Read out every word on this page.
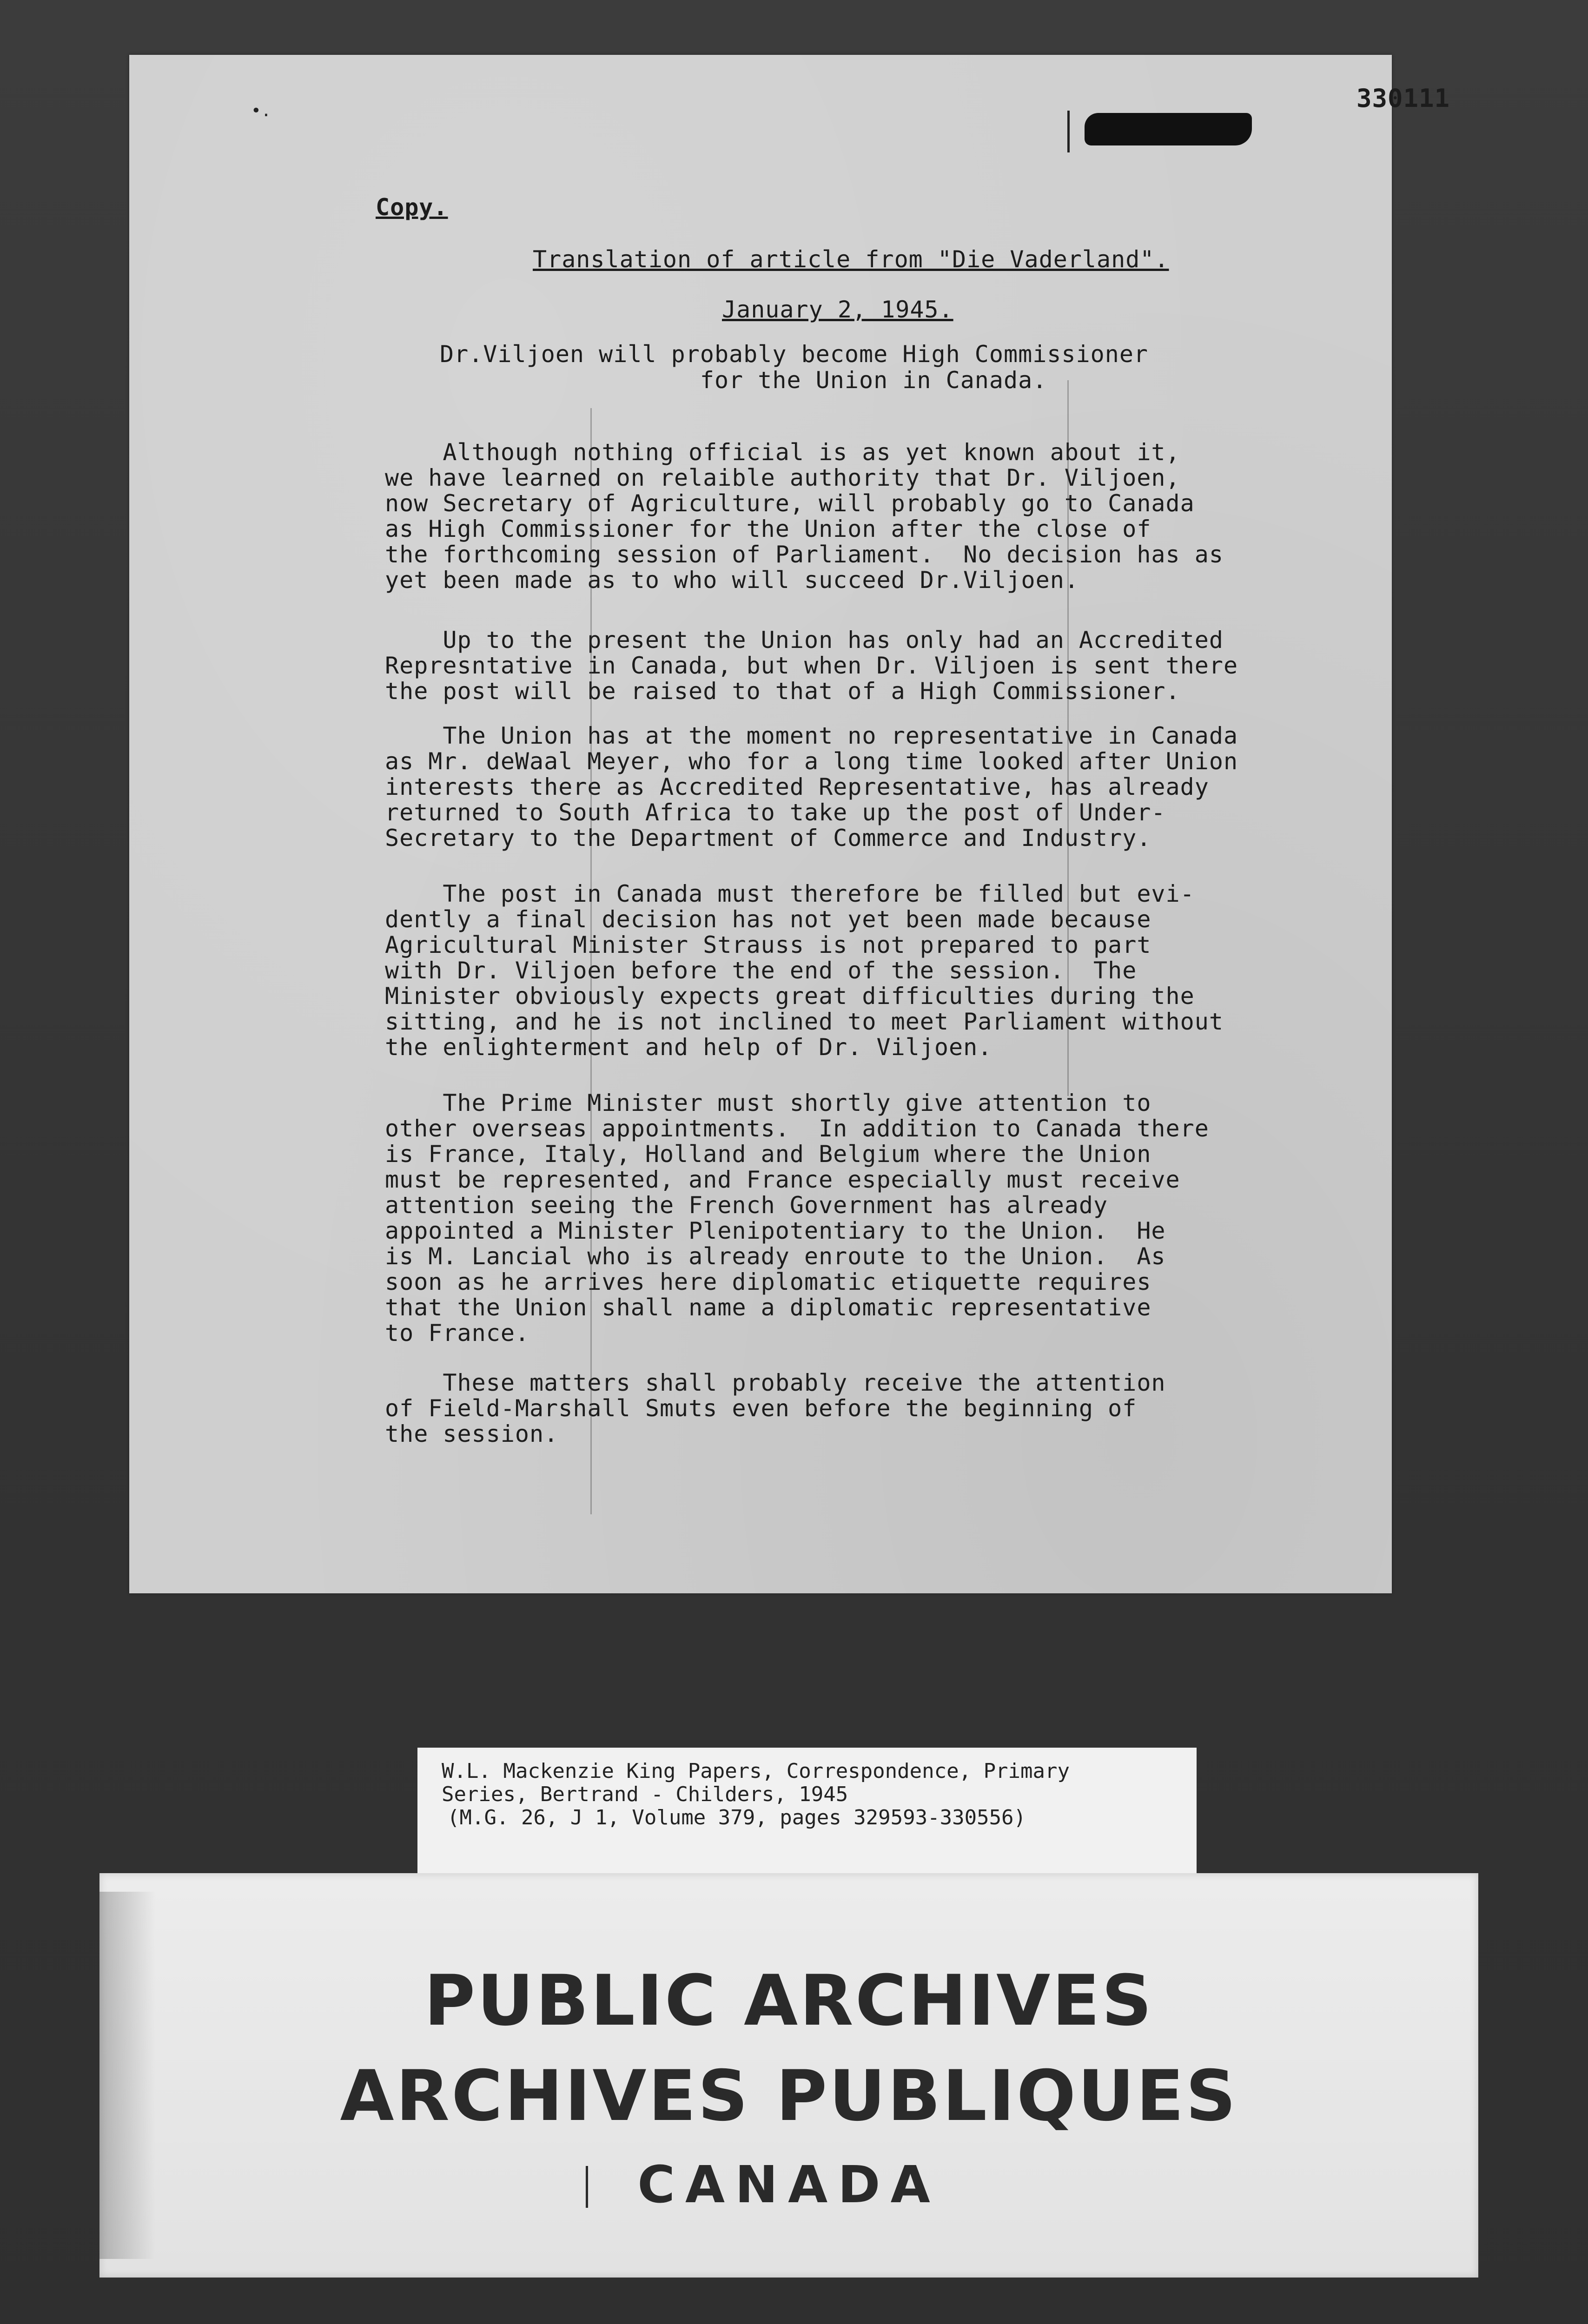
•.	330111
Copy.
Translation of article from "Die Vaderland".
January 2, 1945.
Dr.Viljoen will probably become High Commissioner
for the Union in Canada.
Although nothing official is as yet known about it,
we have learned on relaible authority that Dr. Viljoen,
now Secretary of Agriculture, will probably go to Canada
as High Commissioner for the Union after the close of
the forthcoming session of Parliament.  No decision has as
yet been made as to who will succeed Dr.Viljoen.
Up to the present the Union has only had an Accredited
Represntative in Canada, but when Dr. Viljoen is sent there
the post will be raised to that of a High Commissioner.
The Union has at the moment no representative in Canada
as Mr. deWaal Meyer, who for a long time looked after Union
interests there as Accredited Representative, has already
returned to South Africa to take up the post of Under-
Secretary to the Department of Commerce and Industry.
The post in Canada must therefore be filled but evi-
dently a final decision has not yet been made because
Agricultural Minister Strauss is not prepared to part
with Dr. Viljoen before the end of the session.  The
Minister obviously expects great difficulties during the
sitting, and he is not inclined to meet Parliament without
the enlighterment and help of Dr. Viljoen.
The Prime Minister must shortly give attention to
other overseas appointments.  In addition to Canada there
is France, Italy, Holland and Belgium where the Union
must be represented, and France especially must receive
attention seeing the French Government has already
appointed a Minister Plenipotentiary to the Union.  He
is M. Lancial who is already enroute to the Union.  As
soon as he arrives here diplomatic etiquette requires
that the Union shall name a diplomatic representative
to France.
These matters shall probably receive the attention
of Field-Marshall Smuts even before the beginning of
the session.
W.L. Mackenzie King Papers, Correspondence, Primary
Series, Bertrand - Childers, 1945
(M.G. 26, J 1, Volume 379, pages 329593-330556)
PUBLIC ARCHIVES
ARCHIVES PUBLIQUES
CANADA
